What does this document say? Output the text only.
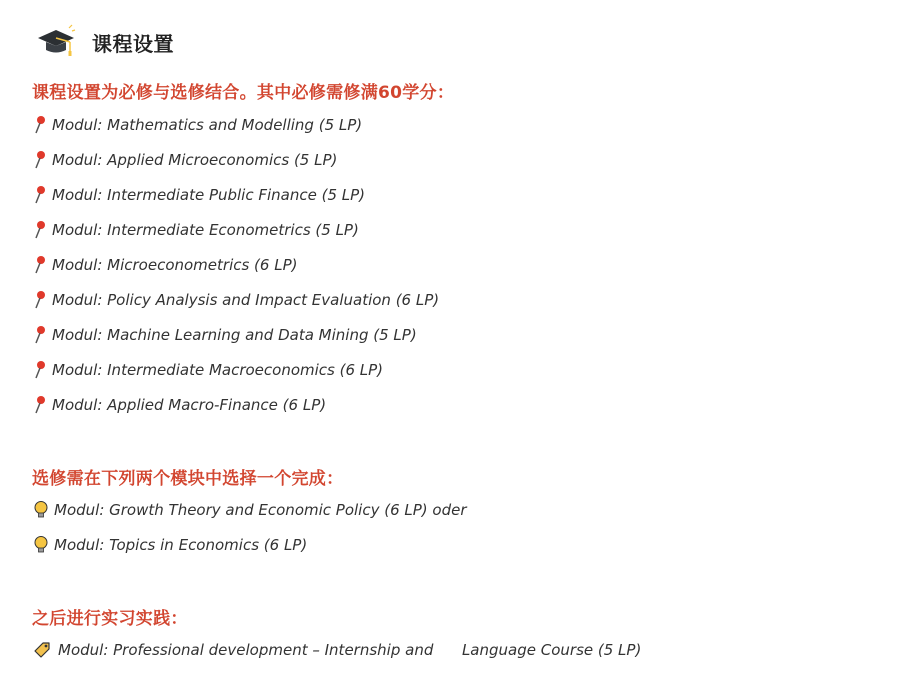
课程设置
课程设置为必修与选修结合。其中必修需修满60学分：
Modul: Mathematics and Modelling (5 LP)
Modul: Applied Microeconomics (5 LP)
Modul: Intermediate Public Finance (5 LP)
Modul: Intermediate Econometrics (5 LP)
Modul: Microeconometrics (6 LP)
Modul: Policy Analysis and Impact Evaluation (6 LP)
Modul: Machine Learning and Data Mining (5 LP)
Modul: Intermediate Macroeconomics (6 LP)
Modul: Applied Macro-Finance (6 LP)
选修需在下列两个模块中选择一个完成：
Modul: Growth Theory and Economic Policy (6 LP) oder
Modul: Topics in Economics (6 LP)
之后进行实习实践：
Modul: Professional development – Internship and      Language Course (5 LP)
